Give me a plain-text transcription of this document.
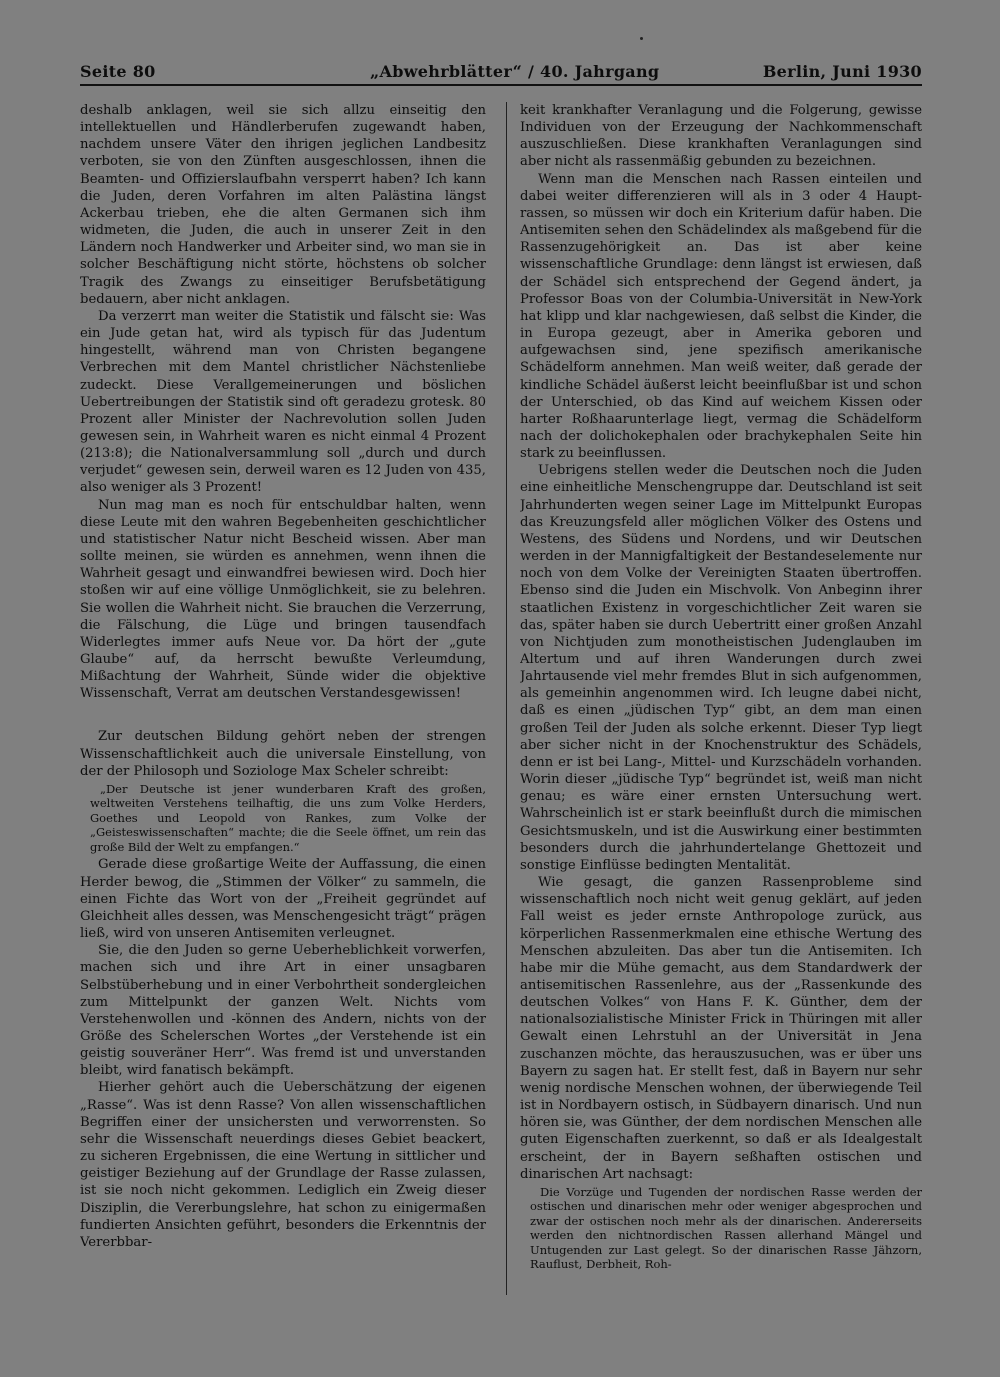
Seite 80	„Abwehrblätter“ / 40. Jahrgang	Berlin, Juni 1930

deshalb anklagen, weil sie sich allzu einseitig den intellektuellen und Händlerberufen zugewandt haben, nachdem unsere Väter den ihrigen jeglichen Landbesitz verboten, sie von den Zünften ausgeschlossen, ihnen die Beamten- und Offizierslaufbahn versperrt haben? Ich kann die Juden, deren Vorfahren im alten Palästina längst Ackerbau trieben, ehe die alten Germanen sich ihm widmeten, die Juden, die auch in unserer Zeit in den Ländern noch Handwerker und Arbeiter sind, wo man sie in solcher Beschäftigung nicht störte, höchstens ob solcher Tragik des Zwangs zu einseitiger Berufsbetätigung bedauern, aber nicht anklagen.

Da verzerrt man weiter die Statistik und fälscht sie: Was ein Jude getan hat, wird als typisch für das Judentum hingestellt, während man von Christen begangene Verbrechen mit dem Mantel christlicher Nächstenliebe zudeckt. Diese Verallgemeinerungen und böslichen Uebertreibungen der Statistik sind oft geradezu grotesk. 80 Prozent aller Minister der Nachrevolution sollen Juden gewesen sein, in Wahrheit waren es nicht einmal 4 Prozent (213:8); die Nationalversammlung soll „durch und durch verjudet“ gewesen sein, derweil waren es 12 Juden von 435, also weniger als 3 Prozent!

Nun mag man es noch für entschuldbar halten, wenn diese Leute mit den wahren Begebenheiten geschichtlicher und statistischer Natur nicht Bescheid wissen. Aber man sollte meinen, sie würden es annehmen, wenn ihnen die Wahrheit gesagt und einwandfrei bewiesen wird. Doch hier stoßen wir auf eine völlige Unmöglichkeit, sie zu belehren. Sie wollen die Wahrheit nicht. Sie brauchen die Verzerrung, die Fälschung, die Lüge und bringen tausendfach Widerlegtes immer aufs Neue vor. Da hört der „gute Glaube“ auf, da herrscht bewußte Verleumdung, Mißachtung der Wahrheit, Sünde wider die objektive Wissenschaft, Verrat am deutschen Verstandesgewissen!

Zur deutschen Bildung gehört neben der strengen Wissenschaftlichkeit auch die universale Einstellung, von der der Philosoph und Soziologe Max Scheler schreibt:

„Der Deutsche ist jener wunderbaren Kraft des großen, weltweiten Verstehens teilhaftig, die uns zum Volke Herders, Goethes und Leopold von Rankes, zum Volke der „Geisteswissenschaften“ machte; die die Seele öffnet, um rein das große Bild der Welt zu empfangen.“

Gerade diese großartige Weite der Auffassung, die einen Herder bewog, die „Stimmen der Völker“ zu sammeln, die einen Fichte das Wort von der „Freiheit gegründet auf Gleichheit alles dessen, was Menschengesicht trägt“ prägen ließ, wird von unseren Antisemiten verleugnet.

Sie, die den Juden so gerne Ueberheblichkeit vorwerfen, machen sich und ihre Art in einer unsagbaren Selbstüberhebung und in einer Verbohrtheit sondergleichen zum Mittelpunkt der ganzen Welt. Nichts vom Verstehenwollen und -können des Andern, nichts von der Größe des Schelerschen Wortes „der Verstehende ist ein geistig souveräner Herr“. Was fremd ist und unverstanden bleibt, wird fanatisch bekämpft.

Hierher gehört auch die Ueberschätzung der eigenen „Rasse“. Was ist denn Rasse? Von allen wissenschaftlichen Begriffen einer der unsichersten und verworrensten. So sehr die Wissenschaft neuerdings dieses Gebiet beackert, zu sicheren Ergebnissen, die eine Wertung in sittlicher und geistiger Beziehung auf der Grundlage der Rasse zulassen, ist sie noch nicht gekommen. Lediglich ein Zweig dieser Disziplin, die Vererbungslehre, hat schon zu einigermaßen fundierten Ansichten geführt, besonders die Erkenntnis der Vererbbar-

keit krankhafter Veranlagung und die Folgerung, gewisse Individuen von der Erzeugung der Nachkommenschaft auszuschließen. Diese krankhaften Veranlagungen sind aber nicht als rassenmäßig gebunden zu bezeichnen.

Wenn man die Menschen nach Rassen einteilen und dabei weiter differenzieren will als in 3 oder 4 Haupt-rassen, so müssen wir doch ein Kriterium dafür haben. Die Antisemiten sehen den Schädelindex als maßgebend für die Rassenzugehörigkeit an. Das ist aber keine wissenschaftliche Grundlage: denn längst ist erwiesen, daß der Schädel sich entsprechend der Gegend ändert, ja Professor Boas von der Columbia-Universität in New-York hat klipp und klar nachgewiesen, daß selbst die Kinder, die in Europa gezeugt, aber in Amerika geboren und aufgewachsen sind, jene spezifisch amerikanische Schädelform annehmen. Man weiß weiter, daß gerade der kindliche Schädel äußerst leicht beeinflußbar ist und schon der Unterschied, ob das Kind auf weichem Kissen oder harter Roßhaarunterlage liegt, vermag die Schädelform nach der dolichokephalen oder brachykephalen Seite hin stark zu beeinflussen.

Uebrigens stellen weder die Deutschen noch die Juden eine einheitliche Menschengruppe dar. Deutschland ist seit Jahrhunderten wegen seiner Lage im Mittelpunkt Europas das Kreuzungsfeld aller möglichen Völker des Ostens und Westens, des Südens und Nordens, und wir Deutschen werden in der Mannigfaltigkeit der Bestandeselemente nur noch von dem Volke der Vereinigten Staaten übertroffen. Ebenso sind die Juden ein Mischvolk. Von Anbeginn ihrer staatlichen Existenz in vorgeschichtlicher Zeit waren sie das, später haben sie durch Uebertritt einer großen Anzahl von Nichtjuden zum monotheistischen Judenglauben im Altertum und auf ihren Wanderungen durch zwei Jahrtausende viel mehr fremdes Blut in sich aufgenommen, als gemeinhin angenommen wird. Ich leugne dabei nicht, daß es einen „jüdischen Typ“ gibt, an dem man einen großen Teil der Juden als solche erkennt. Dieser Typ liegt aber sicher nicht in der Knochenstruktur des Schädels, denn er ist bei Lang-, Mittel- und Kurzschädeln vorhanden. Worin dieser „jüdische Typ“ begründet ist, weiß man nicht genau; es wäre einer ernsten Untersuchung wert. Wahrscheinlich ist er stark beeinflußt durch die mimischen Gesichtsmuskeln, und ist die Auswirkung einer bestimmten besonders durch die jahrhundertelange Ghettozeit und sonstige Einflüsse bedingten Mentalität.

Wie gesagt, die ganzen Rassenprobleme sind wissenschaftlich noch nicht weit genug geklärt, auf jeden Fall weist es jeder ernste Anthropologe zurück, aus körperlichen Rassenmerkmalen eine ethische Wertung des Menschen abzuleiten. Das aber tun die Antisemiten. Ich habe mir die Mühe gemacht, aus dem Standardwerk der antisemitischen Rassenlehre, aus der „Rassenkunde des deutschen Volkes“ von Hans F. K. Günther, dem der nationalsozialistische Minister Frick in Thüringen mit aller Gewalt einen Lehrstuhl an der Universität in Jena zuschanzen möchte, das herauszusuchen, was er über uns Bayern zu sagen hat. Er stellt fest, daß in Bayern nur sehr wenig nordische Menschen wohnen, der überwiegende Teil ist in Nordbayern ostisch, in Südbayern dinarisch. Und nun hören sie, was Günther, der dem nordischen Menschen alle guten Eigenschaften zuerkennt, so daß er als Idealgestalt erscheint, der in Bayern seßhaften ostischen und dinarischen Art nachsagt:

Die Vorzüge und Tugenden der nordischen Rasse werden der ostischen und dinarischen mehr oder weniger abgesprochen und zwar der ostischen noch mehr als der dinarischen. Andererseits werden den nichtnordischen Rassen allerhand Mängel und Untugenden zur Last gelegt. So der dinarischen Rasse Jähzorn, Rauflust, Derbheit, Roh-
